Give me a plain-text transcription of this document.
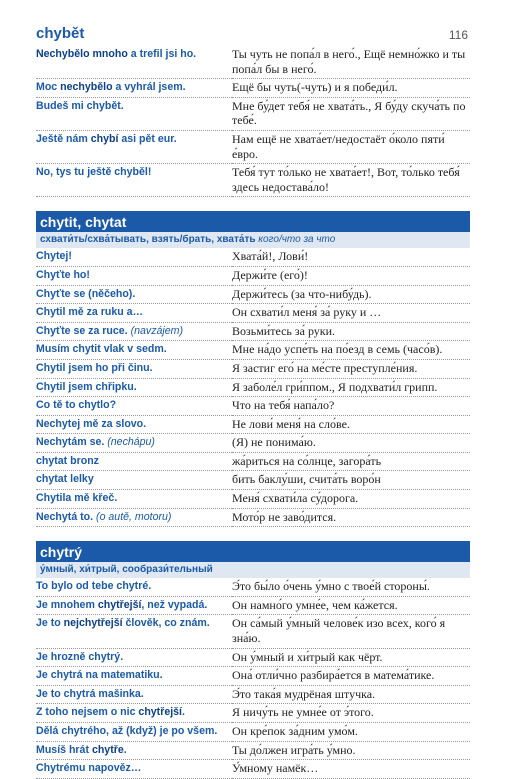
chybět	116
Nechybělo mnoho a trefil jsi ho.	Ты чуть не попа́л в него́., Ещё немно́жко и ты попа́л бы в него́.
Moc nechybělo a vyhrál jsem.	Ещё бы чуть(-чуть) и я победи́л.
Budeš mi chybět.	Мне бу́дет тебя́ не хвата́ть., Я бу́ду скуча́ть по тебе́.
Ještě nám chybí asi pět eur.	Нам ещё не хвата́ет/недостаёт о́коло пяти́ е́вро.
No, tys tu ještě chyběl!	Тебя́ тут то́лько не хвата́ет!, Вот, то́лько тебя́ здесь недостава́ло!
chytit, chytat
схвати́ть/схва́тывать, взять/брать, хвата́ть кого/что за что
Chytej!	Хвата́й!, Лови́!
Chyťte ho!	Держи́те (его́)!
Chyťte se (něčeho).	Держи́тесь (за что-нибу́дь).
Chytil mě za ruku a…	Он схвати́л меня́ за́ руку и …
Chyťte se za ruce. (navzájem)	Возьми́тесь за́ руки.
Musím chytit vlak v sedm.	Мне на́до успе́ть на по́езд в семь (часо́в).
Chytil jsem ho při činu.	Я застиг его́ на ме́сте преступле́ния.
Chytil jsem chřipku.	Я заболе́л гри́ппом., Я подхвати́л грипп.
Co tě to chytlo?	Что на тебя́ напа́ло?
Nechytej mě za slovo.	Не лови́ меня́ на сло́ве.
Nechytám se. (nechápu)	(Я) не понима́ю.
chytat bronz	жа́риться на со́лнце, загора́ть
chytat lelky	бить баклу́ши, счита́ть воро́н
Chytila mě křeč.	Меня́ схвати́ла су́дорога.
Nechytá to. (o autě, motoru)	Мото́р не заво́дится.
chytrý
у́мный, хи́трый, сообрази́тельный
To bylo od tebe chytré.	Э́то бы́ло о́чень у́мно с твое́й стороны́.
Je mnohem chytřejší, než vypadá.	Он намно́го умне́е, чем ка́жется.
Je to nejchytřejší člověk, co znám.	Он са́мый у́мный челове́к изо всех, кого́ я зна́ю.
Je hrozně chytrý.	Он у́мный и хи́трый как чёрт.
Je chytrá na matematiku.	Она́ отли́чно разбира́ется в матема́тике.
Je to chytrá mašinka.	Э́то така́я мудрёная штучка.
Z toho nejsem o nic chytřejší.	Я ничу́ть не умне́е от э́того.
Dělá chytrého, až (když) je po všem.	Он кре́пок за́дним умо́м.
Musíš hrát chytře.	Ты до́лжен игра́ть у́мно.
Chytrému napověz…	У́мному намёк…
